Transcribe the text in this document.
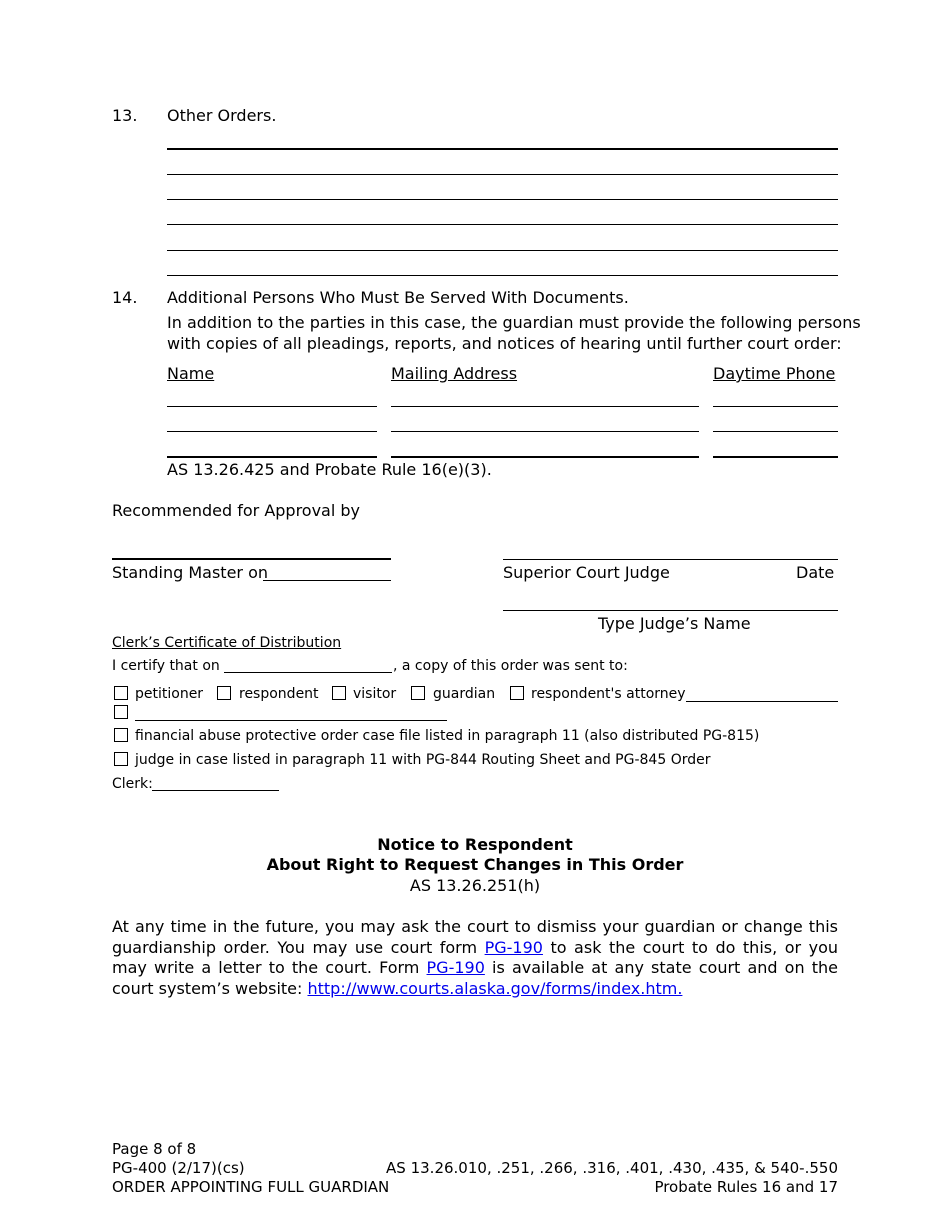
13. Other Orders.
14. Additional Persons Who Must Be Served With Documents.
In addition to the parties in this case, the guardian must provide the following persons
with copies of all pleadings, reports, and notices of hearing until further court order:
Name	Mailing Address	Daytime Phone
AS 13.26.425 and Probate Rule 16(e)(3).
Recommended for Approval by
Standing Master on	Superior Court Judge	Date
Type Judge’s Name
Clerk’s Certificate of Distribution
I certify that on	, a copy of this order was sent to:
petitioner	respondent visitor	guardian	respondent's attorney
financial abuse protective order case file listed in paragraph 11 (also distributed PG-815)
judge in case listed in paragraph 11 with PG-844 Routing Sheet and PG-845 Order
Clerk:
Notice to Respondent
About Right to Request Changes in This Order
AS 13.26.251(h)
At any time in the future, you may ask the court to dismiss your guardian or change this guardianship order. You may use court form PG-190 to ask the court to do this, or you may write a letter to the court. Form PG-190 is available at any state court and on the court system’s website: http://www.courts.alaska.gov/forms/index.htm.
Page 8 of 8
PG-400 (2/17)(cs)
ORDER APPOINTING FULL GUARDIAN
AS 13.26.010, .251, .266, .316, .401, .430, .435, & 540-.550
Probate Rules 16 and 17
